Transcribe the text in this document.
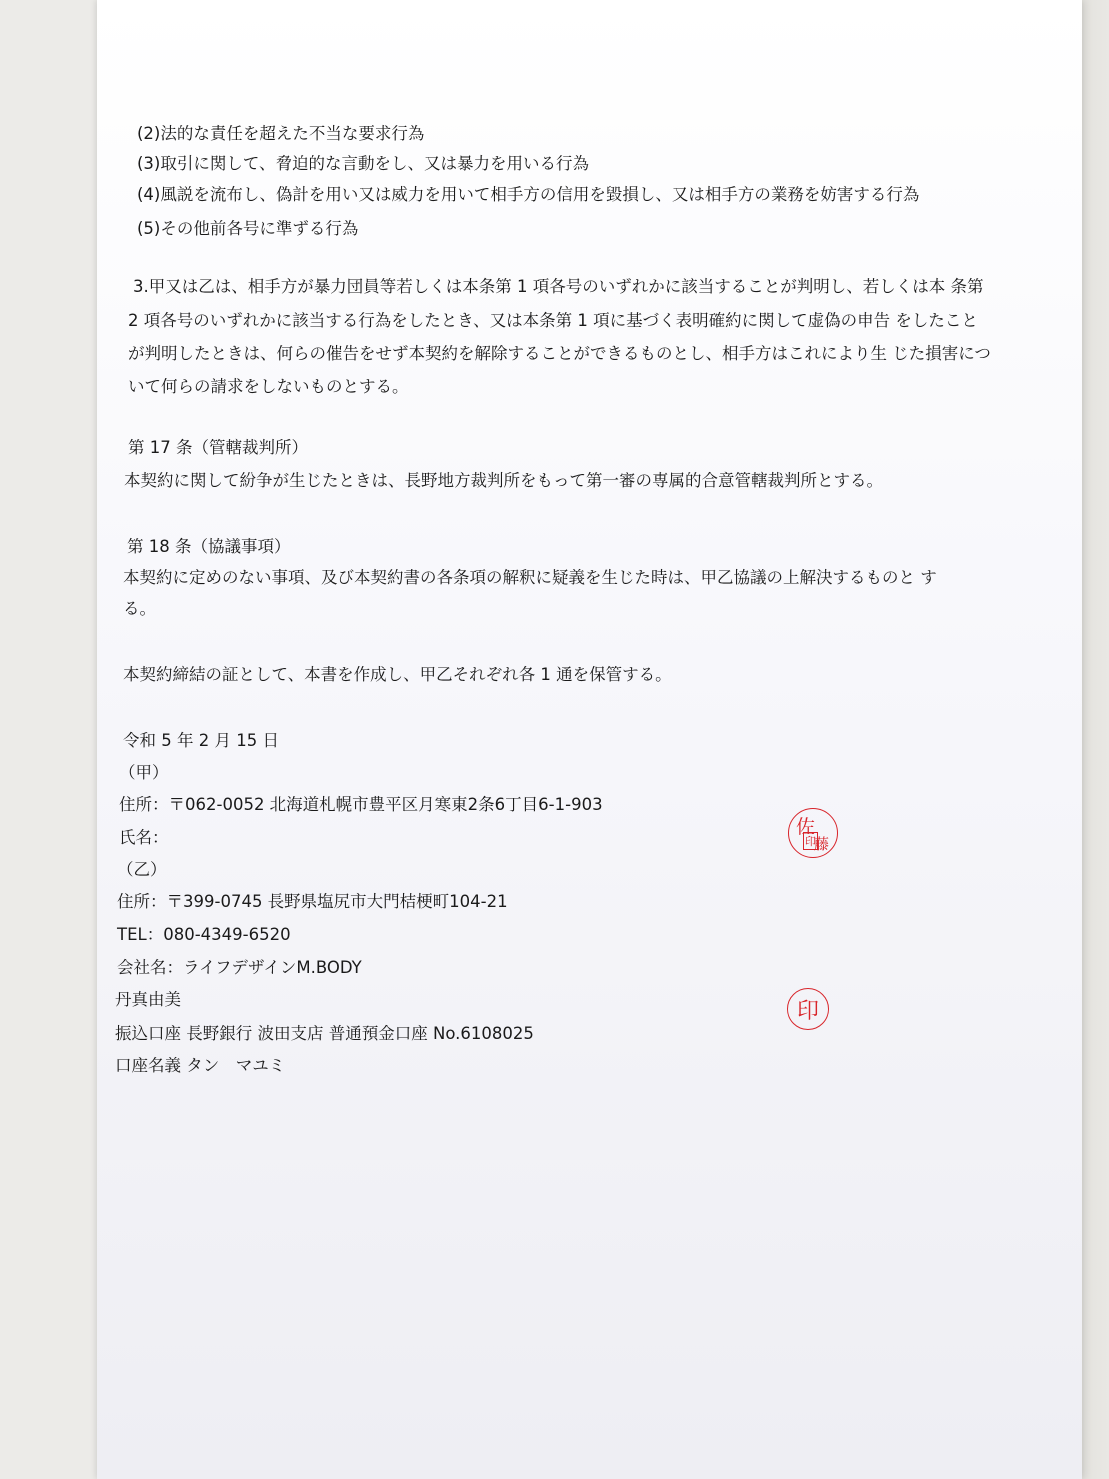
(2)法的な責任を超えた不当な要求行為

(3)取引に関して、脅迫的な言動をし、又は暴力を用いる行為

(4)風説を流布し、偽計を用い又は威力を用いて相手方の信用を毀損し、又は相手方の業務を妨害する行為

(5)その他前各号に準ずる行為

3.甲又は乙は、相手方が暴力団員等若しくは本条第 1 項各号のいずれかに該当することが判明し、若しくは本 条第

2 項各号のいずれかに該当する行為をしたとき、又は本条第 1 項に基づく表明確約に関して虚偽の申告 をしたこと

が判明したときは、何らの催告をせず本契約を解除することができるものとし、相手方はこれにより生 じた損害につ

いて何らの請求をしないものとする。

第 17 条（管轄裁判所）

本契約に関して紛争が生じたときは、長野地方裁判所をもって第一審の専属的合意管轄裁判所とする。

第 18 条（協議事項）

本契約に定めのない事項、及び本契約書の各条項の解釈に疑義を生じた時は、甲乙協議の上解決するものと す

る。

本契約締結の証として、本書を作成し、甲乙それぞれ各 1 通を保管する。

令和 5 年 2 月 15 日

（甲）

住所：〒062-0052 北海道札幌市豊平区月寒東2条6丁目6-1-903

氏名：

（乙）

住所：〒399-0745 長野県塩尻市大門桔梗町104-21

TEL：080-4349-6520

会社名：ライフデザインM.BODY

丹真由美

振込口座 長野銀行 波田支店 普通預金口座 No.6108025

口座名義 タン　マユミ

佐
印
藤
印
